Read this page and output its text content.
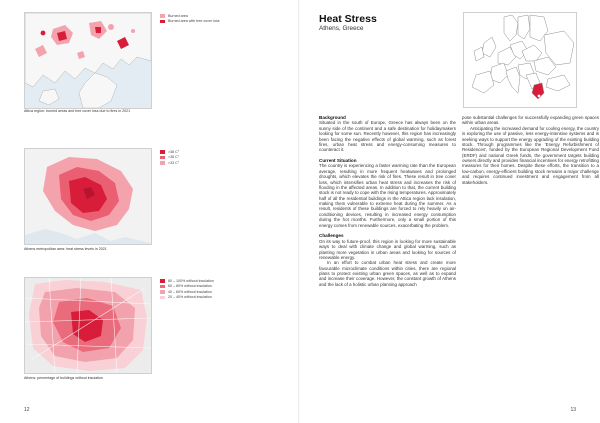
Burned area
Burned area with tree cover loss
Attica region: burned areas and tree cover loss due to fires in 2021
>38 C°
>36 C°
>33 C°
Athens metropolitan area: heat stress levels in 2021
80 – 100% without insulation
60 – 80% without insulation
40 – 60% without insulation
20 – 40% without insulation
Athens: percentage of buildings without insulation
12	13
Heat Stress
Athens, Greece
Background

Situated in the south of Europe, Greece has always been on the sunny side of the continent and a safe destination for holidaymakers looking for some sun. Recently however, this region has increasingly been facing the negative effects of global warming, such as forest fires, urban heat stress and energy-consuming measures to counteract it.

Current Situation

The country is experiencing a faster warming rate than the European average, resulting in more frequent heatwaves and prolonged droughts, which elevates the risk of fires. These result in tree cover loss, which intensifies urban heat stress and increases the risk of flooding in the affected areas. In addition to that, the current building stock is not ready to cope with the rising temperatures. Approximately half of all the residential buildings in the Attica region lack insulation, making them vulnerable to extreme heat during the summer. As a result, residents of these buildings are forced to rely heavily on air-conditioning devices, resulting in increased energy consumption during the hot months. Furthermore, only a small portion of this energy comes from renewable sources, exacerbating the problem.

Challenges

On its way to future-proof, this region is looking for more sustainable ways to deal with climate change and global warming, such as planting more vegetation in urban areas and looking for sources of renewable energy.

In an effort to combat urban heat stress and create more favourable microclimate conditions within cities, there are regional plans to protect existing urban green spaces, as well as to expand and increase their coverage. However, the constant growth of Athens and the lack of a holistic urban planning approach

pose substantial challenges for successfully expanding green spaces within urban areas.

Anticipating the increased demand for cooling energy, the country is exploring the use of passive, less energy-intensive systems and is seeking ways to support the energy upgrading of the existing building stock. Through programmes like the ‘Energy Refurbishment of Residences’, funded by the European Regional Development Fund (ERDF) and national Greek funds, the government targets building owners directly and provides financial incentives for energy retrofitting measures for their homes. Despite these efforts, the transition to a low-carbon, energy-efficient building stock remains a major challenge and requires continued investment and engagement from all stakeholders.
